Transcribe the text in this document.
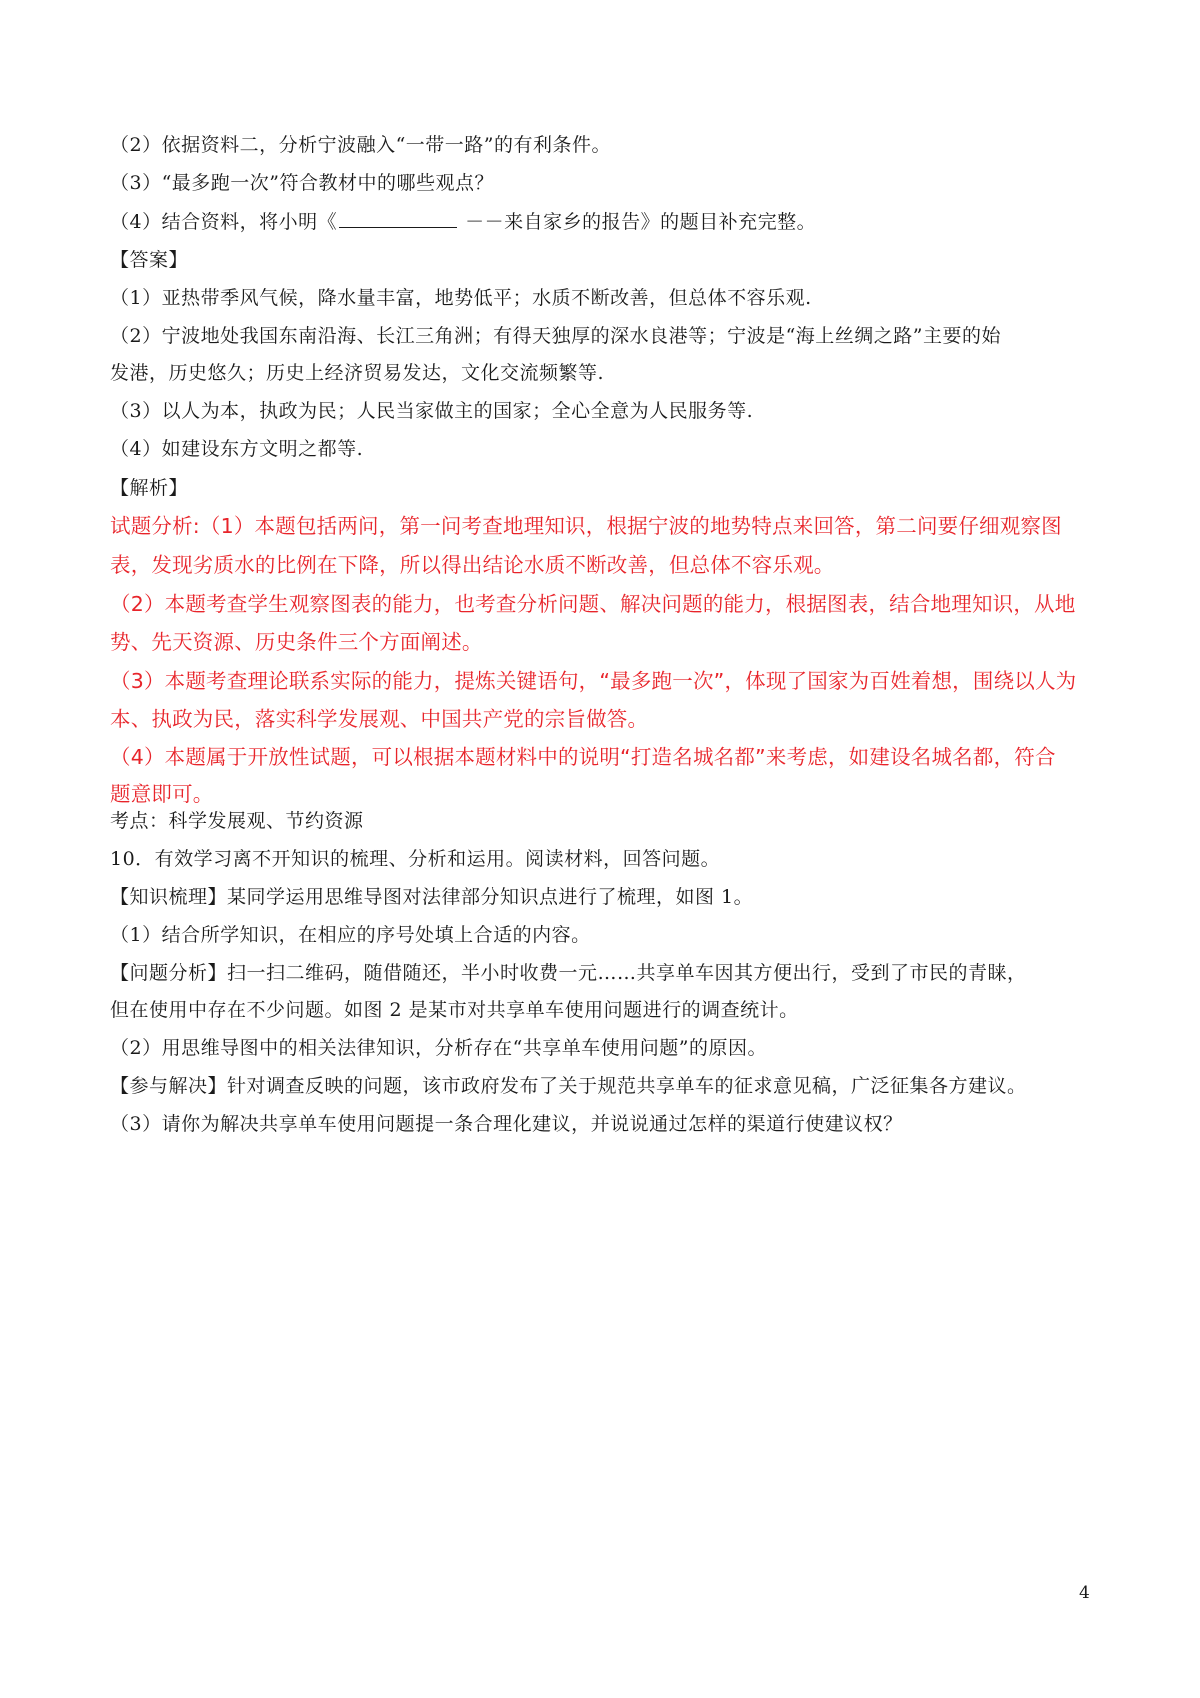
（2）依据资料二，分析宁波融入“一带一路”的有利条件。
（3）“最多跑一次”符合教材中的哪些观点？
（4）结合资料，将小明《	－－来自家乡的报告》的题目补充完整。
【答案】
（1）亚热带季风气候，降水量丰富，地势低平；水质不断改善，但总体不容乐观.
（2）宁波地处我国东南沿海、长江三角洲；有得天独厚的深水良港等；宁波是“海上丝绸之路”主要的始
发港，历史悠久；历史上经济贸易发达，文化交流频繁等.
（3）以人为本，执政为民；人民当家做主的国家；全心全意为人民服务等.
（4）如建设东方文明之都等.
【解析】
试题分析:（1）本题包括两问，第一问考查地理知识，根据宁波的地势特点来回答，第二问要仔细观察图
表，发现劣质水的比例在下降，所以得出结论水质不断改善，但总体不容乐观。
（2）本题考查学生观察图表的能力，也考查分析问题、解决问题的能力，根据图表，结合地理知识，从地
势、先天资源、历史条件三个方面阐述。
（3）本题考查理论联系实际的能力，提炼关键语句，“最多跑一次”，体现了国家为百姓着想，围绕以人为
本、执政为民，落实科学发展观、中国共产党的宗旨做答。
（4）本题属于开放性试题，可以根据本题材料中的说明“打造名城名都”来考虑，如建设名城名都，符合
题意即可。
考点：科学发展观、节约资源
10．有效学习离不开知识的梳理、分析和运用。阅读材料，回答问题。
【知识梳理】某同学运用思维导图对法律部分知识点进行了梳理，如图 1。
（1）结合所学知识，在相应的序号处填上合适的内容。
【问题分析】扫一扫二维码，随借随还，半小时收费一元……共享单车因其方便出行，受到了市民的青睐，
但在使用中存在不少问题。如图 2 是某市对共享单车使用问题进行的调查统计。
（2）用思维导图中的相关法律知识，分析存在“共享单车使用问题”的原因。
【参与解决】针对调查反映的问题，该市政府发布了关于规范共享单车的征求意见稿，广泛征集各方建议。
（3）请你为解决共享单车使用问题提一条合理化建议，并说说通过怎样的渠道行使建议权？
4
